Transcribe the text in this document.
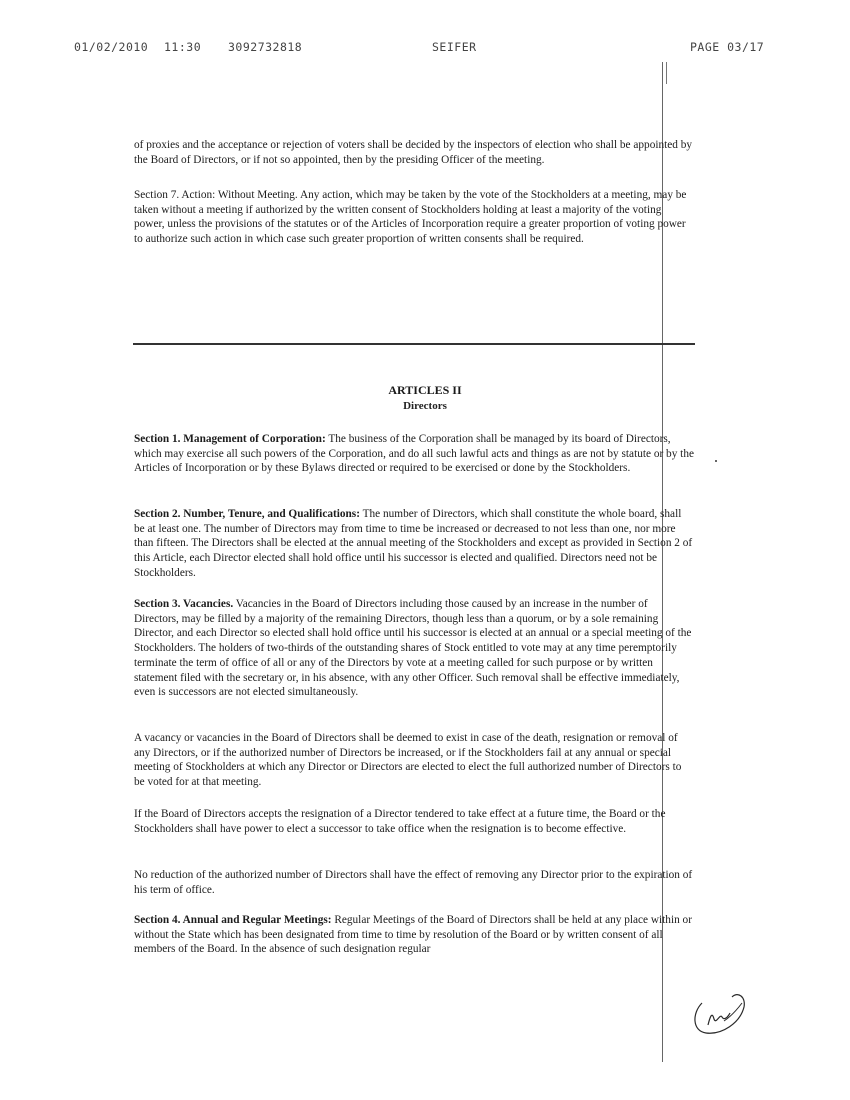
01/02/2010 11:30 3092732818	SEIFER	PAGE 03/17

of proxies and the acceptance or rejection of voters shall be decided by the inspectors of election who shall be appointed by the Board of Directors, or if not so appointed, then by the presiding Officer of the meeting.

Section 7. Action: Without Meeting. Any action, which may be taken by the vote of the Stockholders at a meeting, may be taken without a meeting if authorized by the written consent of Stockholders holding at least a majority of the voting power, unless the provisions of the statutes or of the Articles of Incorporation require a greater proportion of voting power to authorize such action in which case such greater proportion of written consents shall be required.

ARTICLES II
Directors

Section 1. Management of Corporation: The business of the Corporation shall be managed by its board of Directors, which may exercise all such powers of the Corporation, and do all such lawful acts and things as are not by statute or by the Articles of Incorporation or by these Bylaws directed or required to be exercised or done by the Stockholders.

Section 2. Number, Tenure, and Qualifications: The number of Directors, which shall constitute the whole board, shall be at least one. The number of Directors may from time to time be increased or decreased to not less than one, nor more than fifteen. The Directors shall be elected at the annual meeting of the Stockholders and except as provided in Section 2 of this Article, each Director elected shall hold office until his successor is elected and qualified. Directors need not be Stockholders.

Section 3. Vacancies. Vacancies in the Board of Directors including those caused by an increase in the number of Directors, may be filled by a majority of the remaining Directors, though less than a quorum, or by a sole remaining Director, and each Director so elected shall hold office until his successor is elected at an annual or a special meeting of the Stockholders. The holders of two-thirds of the outstanding shares of Stock entitled to vote may at any time peremptorily terminate the term of office of all or any of the Directors by vote at a meeting called for such purpose or by written statement filed with the secretary or, in his absence, with any other Officer. Such removal shall be effective immediately, even is successors are not elected simultaneously.

A vacancy or vacancies in the Board of Directors shall be deemed to exist in case of the death, resignation or removal of any Directors, or if the authorized number of Directors be increased, or if the Stockholders fail at any annual or special meeting of Stockholders at which any Director or Directors are elected to elect the full authorized number of Directors to be voted for at that meeting.

If the Board of Directors accepts the resignation of a Director tendered to take effect at a future time, the Board or the Stockholders shall have power to elect a successor to take office when the resignation is to become effective.

No reduction of the authorized number of Directors shall have the effect of removing any Director prior to the expiration of his term of office.

Section 4. Annual and Regular Meetings: Regular Meetings of the Board of Directors shall be held at any place within or without the State which has been designated from time to time by resolution of the Board or by written consent of all members of the Board. In the absence of such designation regular
